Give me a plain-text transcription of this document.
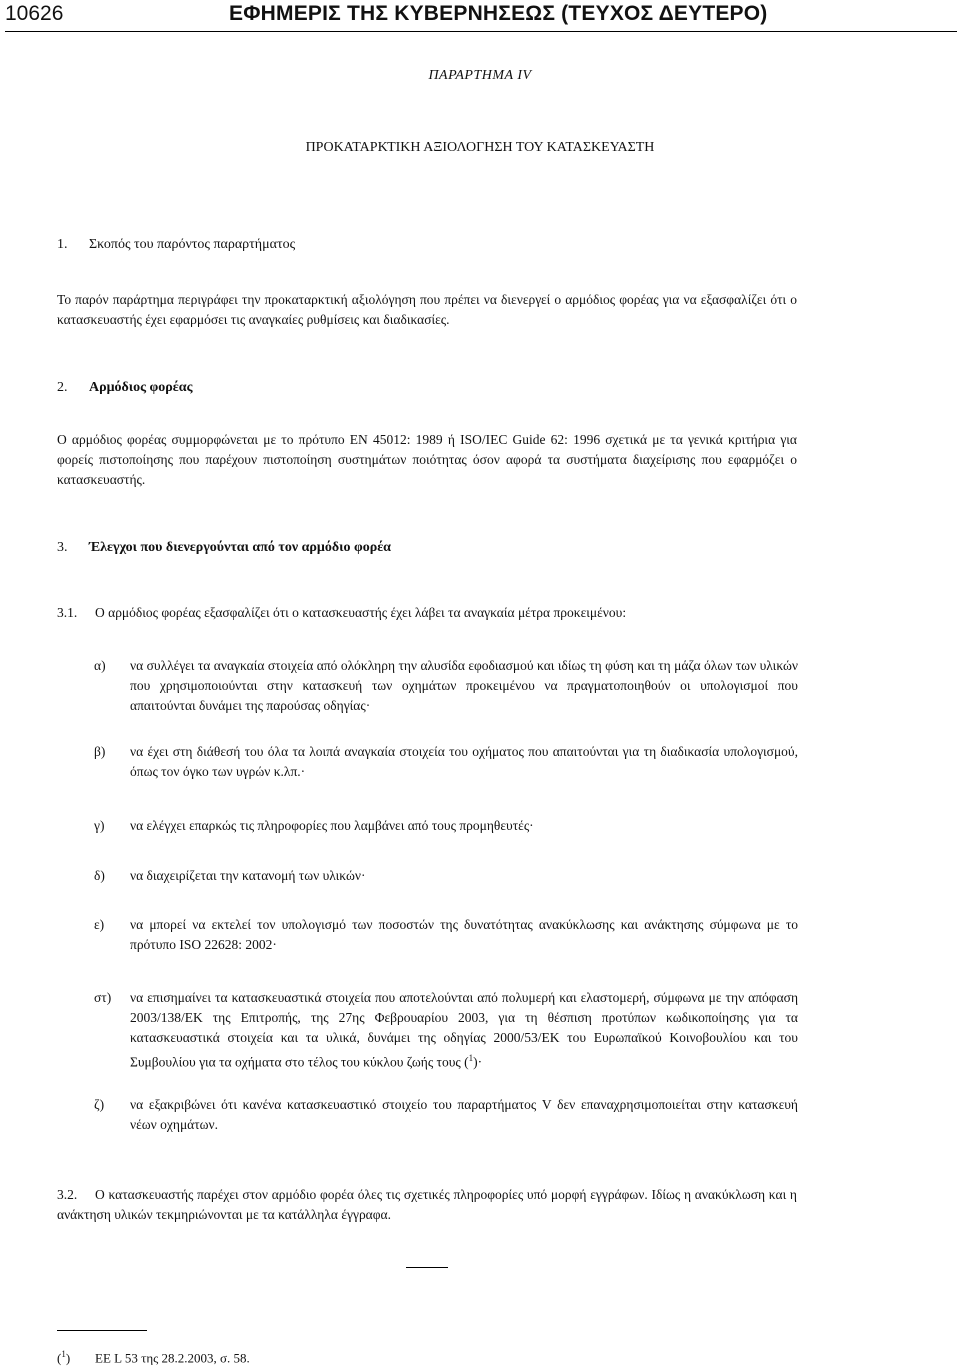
10626	ΕΦΗΜΕΡΙΣ ΤΗΣ ΚΥΒΕΡΝΗΣΕΩΣ (ΤΕΥΧΟΣ ΔΕΥΤΕΡΟ)
ΠΑΡΑΡΤΗΜΑ IV
ΠΡΟΚΑΤΑΡΚΤΙΚΗ ΑΞΙΟΛΟΓΗΣΗ ΤΟΥ ΚΑΤΑΣΚΕΥΑΣΤΗ
1. Σκοπός του παρόντος παραρτήματος
Το παρόν παράρτημα περιγράφει την προκαταρκτική αξιολόγηση που πρέπει να διενεργεί ο αρμόδιος φορέας για να εξασφαλίζει ότι ο κατασκευαστής έχει εφαρμόσει τις αναγκαίες ρυθμίσεις και διαδικασίες.
2. Αρμόδιος φορέας
Ο αρμόδιος φορέας συμμορφώνεται με το πρότυπο EN 45012: 1989 ή ISO/IEC Guide 62: 1996 σχετικά με τα γενικά κριτήρια για φορείς πιστοποίησης που παρέχουν πιστοποίηση συστημάτων ποιότητας όσον αφορά τα συστήματα διαχείρισης που εφαρμόζει ο κατασκευαστής.
3. Έλεγχοι που διενεργούνται από τον αρμόδιο φορέα
3.1. Ο αρμόδιος φορέας εξασφαλίζει ότι ο κατασκευαστής έχει λάβει τα αναγκαία μέτρα προκειμένου:
α) να συλλέγει τα αναγκαία στοιχεία από ολόκληρη την αλυσίδα εφοδιασμού και ιδίως τη φύση και τη μάζα όλων των υλικών που χρησιμοποιούνται στην κατασκευή των οχημάτων προκειμένου να πραγματοποιηθούν οι υπολογισμοί που απαιτούνται δυνάμει της παρούσας οδηγίας·
β) να έχει στη διάθεσή του όλα τα λοιπά αναγκαία στοιχεία του οχήματος που απαιτούνται για τη διαδικασία υπολογισμού, όπως τον όγκο των υγρών κ.λπ.·
γ) να ελέγχει επαρκώς τις πληροφορίες που λαμβάνει από τους προμηθευτές·
δ) να διαχειρίζεται την κατανομή των υλικών·
ε) να μπορεί να εκτελεί τον υπολογισμό των ποσοστών της δυνατότητας ανακύκλωσης και ανάκτησης σύμφωνα με το πρότυπο ISO 22628: 2002·
στ) να επισημαίνει τα κατασκευαστικά στοιχεία που αποτελούνται από πολυμερή και ελαστομερή, σύμφωνα με την απόφαση 2003/138/ΕΚ της Επιτροπής, της 27ης Φεβρουαρίου 2003, για τη θέσπιση προτύπων κωδικοποίησης για τα κατασκευαστικά στοιχεία και τα υλικά, δυνάμει της οδηγίας 2000/53/ΕΚ του Ευρωπαϊκού Κοινοβουλίου και του Συμβουλίου για τα οχήματα στο τέλος του κύκλου ζωής τους ($^1$)·
ζ) να εξακριβώνει ότι κανένα κατασκευαστικό στοιχείο του παραρτήματος V δεν επαναχρησιμοποιείται στην κατασκευή νέων οχημάτων.
3.2. Ο κατασκευαστής παρέχει στον αρμόδιο φορέα όλες τις σχετικές πληροφορίες υπό μορφή εγγράφων. Ιδίως η ανακύκλωση και η ανάκτηση υλικών τεκμηριώνονται με τα κατάλληλα έγγραφα.
($^1$) ΕΕ L 53 της 28.2.2003, σ. 58.
